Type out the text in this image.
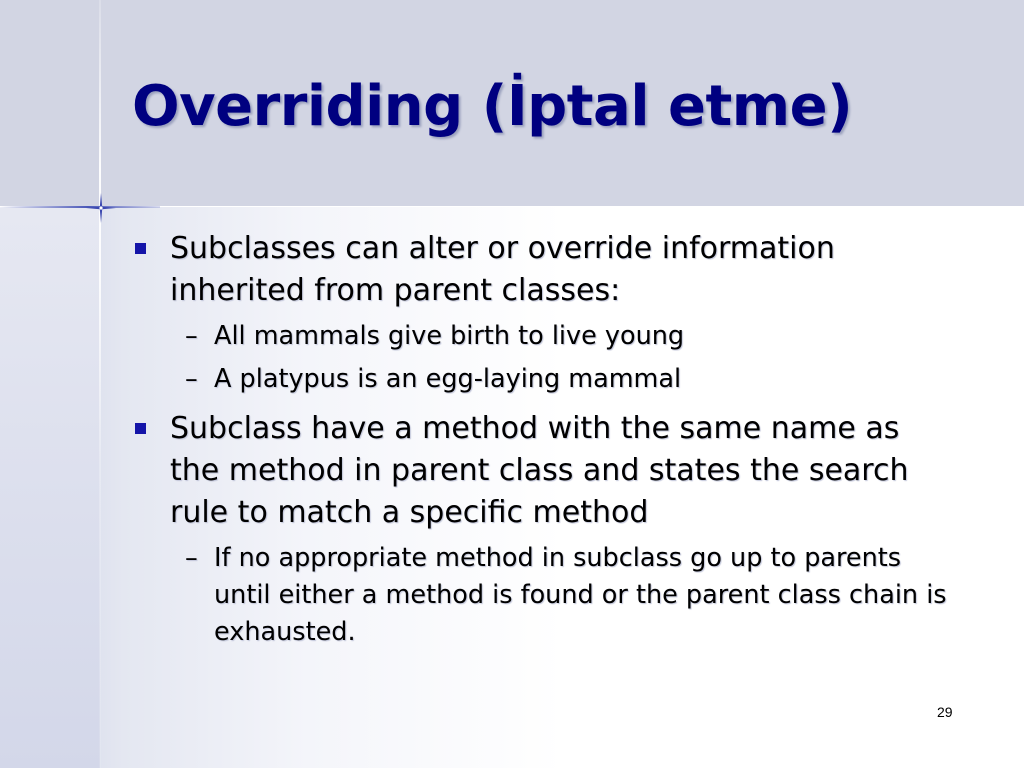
Overriding (İptal etme)

Subclasses can alter or override information inherited from parent classes:

– All mammals give birth to live young

– A platypus is an egg-laying mammal

Subclass have a method with the same name as the method in parent class and states the search rule to match a specific method

– If no appropriate method in subclass go up to parents until either a method is found or the parent class chain is exhausted.

29
